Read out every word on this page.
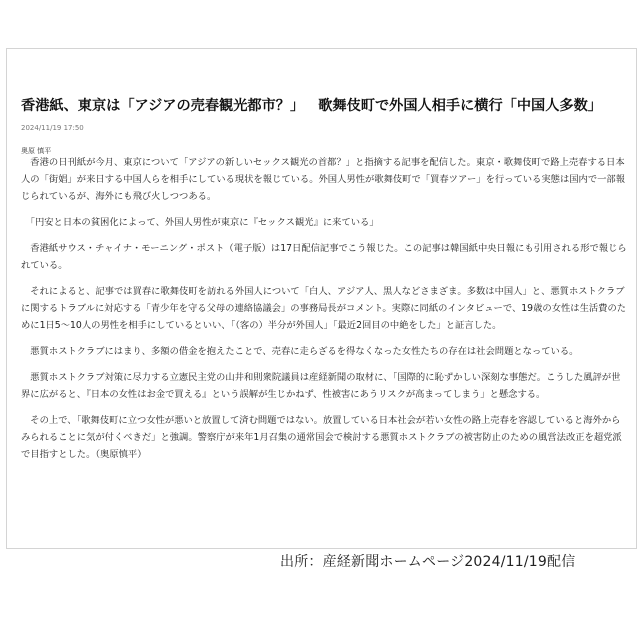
香港紙、東京は「アジアの売春観光都市？」 歌舞伎町で外国人相手に横行「中国人多数」
2024/11/19 17:50
奥原 慎平

香港の日刊紙が今月、東京について「アジアの新しいセックス観光の首都？」と指摘する記事を配信した。東京・歌舞伎町で路上売春する日本人の「街娼」が来日する中国人らを相手にしている現状を報じている。外国人男性が歌舞伎町で「買春ツアー」を行っている実態は国内で一部報じられているが、海外にも飛び火しつつある。

「円安と日本の貧困化によって、外国人男性が東京に『セックス観光』に来ている」

香港紙サウス・チャイナ・モーニング・ポスト（電子版）は17日配信記事でこう報じた。この記事は韓国紙中央日報にも引用される形で報じられている。

それによると、記事では買春に歌舞伎町を訪れる外国人について「白人、アジア人、黒人などさまざま。多数は中国人」と、悪質ホストクラブに関するトラブルに対応する「青少年を守る父母の連絡協議会」の事務局長がコメント。実際に同紙のインタビューで、19歳の女性は生活費のために1日5～10人の男性を相手にしているといい、「（客の）半分が外国人」「最近2回目の中絶をした」と証言した。

悪質ホストクラブにはまり、多額の借金を抱えたことで、売春に走らざるを得なくなった女性たちの存在は社会問題となっている。

悪質ホストクラブ対策に尽力する立憲民主党の山井和則衆院議員は産経新聞の取材に、「国際的に恥ずかしい深刻な事態だ。こうした風評が世界に広がると、『日本の女性はお金で買える』という誤解が生じかねず、性被害にあうリスクが高まってしまう」と懸念する。

その上で、「歌舞伎町に立つ女性が悪いと放置して済む問題ではない。放置している日本社会が若い女性の路上売春を容認していると海外からみられることに気が付くべきだ」と強調。警察庁が来年1月召集の通常国会で検討する悪質ホストクラブの被害防止のための風営法改正を超党派で目指すとした。（奥原慎平）

出所：産経新聞ホームページ2024/11/19配信
